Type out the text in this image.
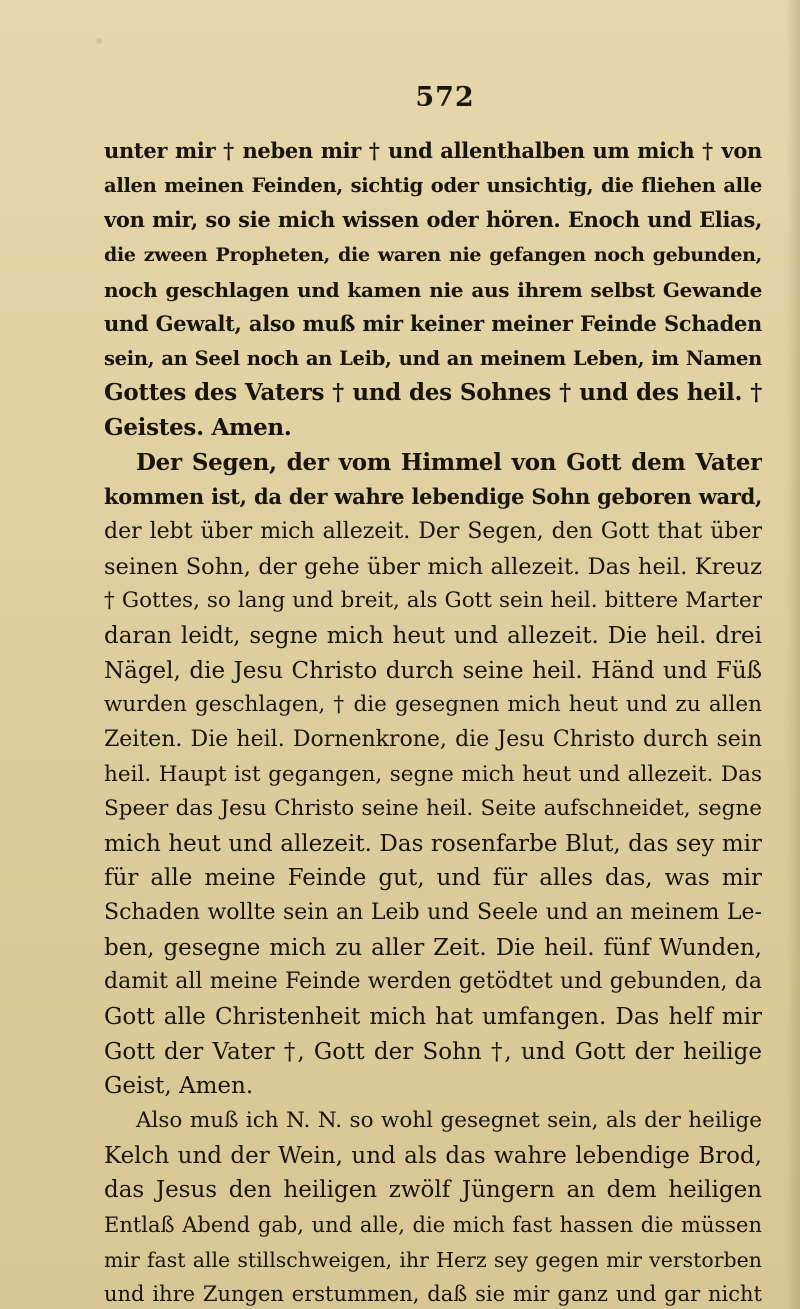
572
unter mir † neben mir † und allenthalben um mich † von
allen meinen Feinden, sichtig oder unsichtig, die fliehen alle
von mir, so sie mich wissen oder hören. Enoch und Elias,
die zween Propheten, die waren nie gefangen noch gebunden,
noch geschlagen und kamen nie aus ihrem selbst Gewande
und Gewalt, also muß mir keiner meiner Feinde Schaden
sein, an Seel noch an Leib, und an meinem Leben, im Namen
Gottes des Vaters † und des Sohnes † und des heil. †
Geistes. Amen.
Der Segen, der vom Himmel von Gott dem Vater
kommen ist, da der wahre lebendige Sohn geboren ward,
der lebt über mich allezeit. Der Segen, den Gott that über
seinen Sohn, der gehe über mich allezeit. Das heil. Kreuz
† Gottes, so lang und breit, als Gott sein heil. bittere Marter
daran leidt, segne mich heut und allezeit. Die heil. drei
Nägel, die Jesu Christo durch seine heil. Händ und Füß
wurden geschlagen, † die gesegnen mich heut und zu allen
Zeiten. Die heil. Dornenkrone, die Jesu Christo durch sein
heil. Haupt ist gegangen, segne mich heut und allezeit. Das
Speer das Jesu Christo seine heil. Seite aufschneidet, segne
mich heut und allezeit. Das rosenfarbe Blut, das sey mir
für alle meine Feinde gut, und für alles das, was mir
Schaden wollte sein an Leib und Seele und an meinem Le-
ben, gesegne mich zu aller Zeit. Die heil. fünf Wunden,
damit all meine Feinde werden getödtet und gebunden, da
Gott alle Christenheit mich hat umfangen. Das helf mir
Gott der Vater †, Gott der Sohn †, und Gott der heilige
Geist, Amen.
Also muß ich N. N. so wohl gesegnet sein, als der heilige
Kelch und der Wein, und als das wahre lebendige Brod,
das Jesus den heiligen zwölf Jüngern an dem heiligen
Entlaß Abend gab, und alle, die mich fast hassen die müssen
mir fast alle stillschweigen, ihr Herz sey gegen mir verstorben
und ihre Zungen erstummen, daß sie mir ganz und gar nicht
